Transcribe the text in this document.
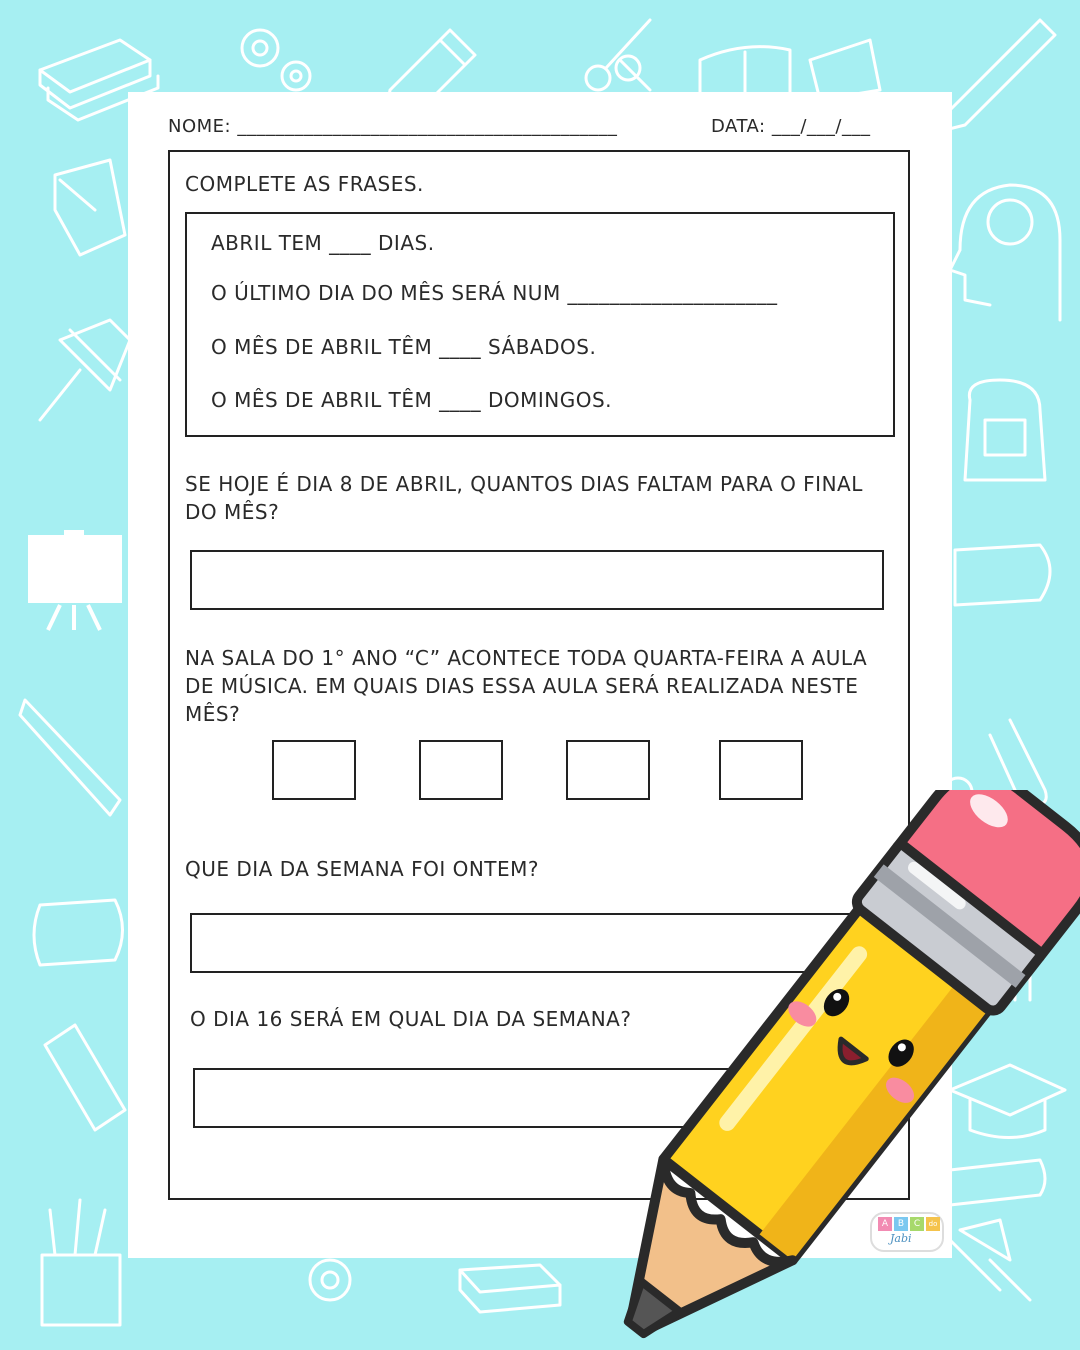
NOME: ________________________________________	DATA: ___/___/___
COMPLETE AS FRASES.
ABRIL TEM ____ DIAS.
O ÚLTIMO DIA DO MÊS SERÁ NUM ____________________
O MÊS DE ABRIL TÊM ____ SÁBADOS.
O MÊS DE ABRIL TÊM ____ DOMINGOS.
SE HOJE É DIA 8 DE ABRIL, QUANTOS DIAS FALTAM PARA O FINAL DO MÊS?
NA SALA DO 1° ANO “C” ACONTECE TODA QUARTA-FEIRA A AULA DE MÚSICA. EM QUAIS DIAS ESSA AULA SERÁ REALIZADA NESTE MÊS?
QUE DIA DA SEMANA FOI ONTEM?
O DIA 16 SERÁ EM QUAL DIA DA SEMANA?
A	B	C	do
Jabi
